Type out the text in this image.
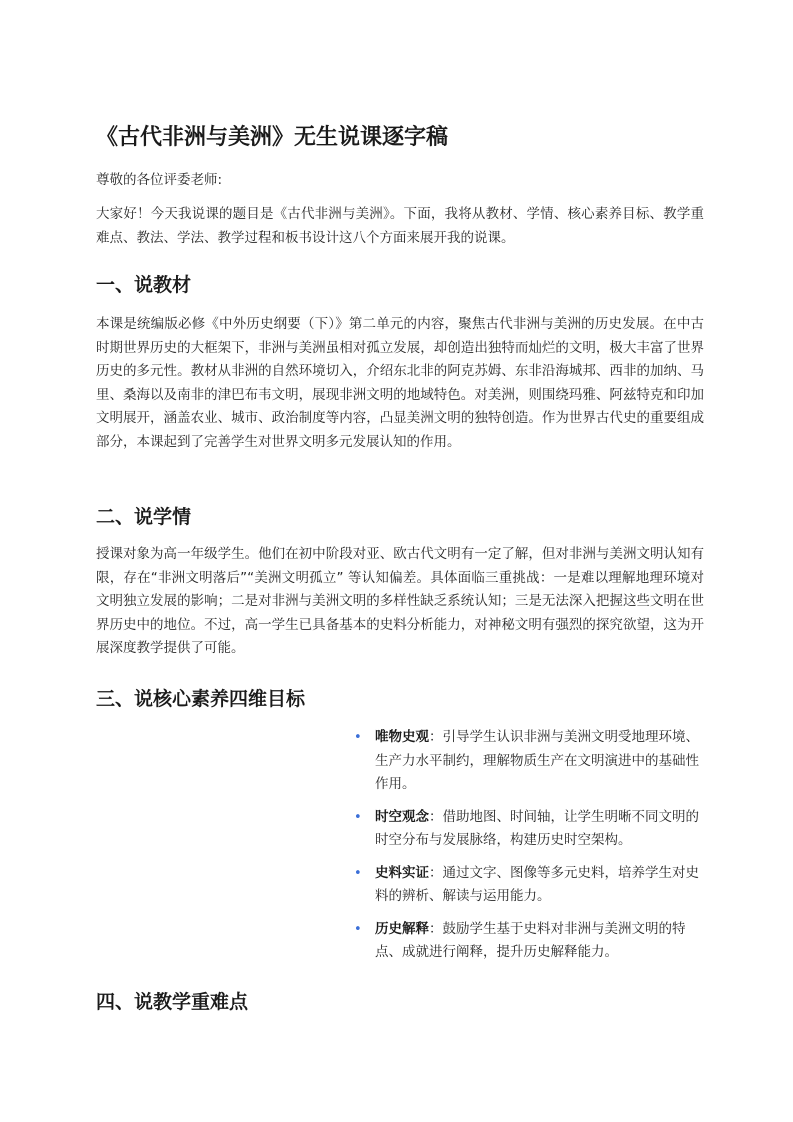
《古代非洲与美洲》无生说课逐字稿

尊敬的各位评委老师:

大家好！今天我说课的题目是《古代非洲与美洲》。下面，我将从教材、学情、核心素养目标、教学重难点、教法、学法、教学过程和板书设计这八个方面来展开我的说课。

一、说教材

本课是统编版必修《中外历史纲要（下）》第二单元的内容，聚焦古代非洲与美洲的历史发展。在中古时期世界历史的大框架下，非洲与美洲虽相对孤立发展，却创造出独特而灿烂的文明，极大丰富了世界历史的多元性。教材从非洲的自然环境切入，介绍东北非的阿克苏姆、东非沿海城邦、西非的加纳、马里、桑海以及南非的津巴布韦文明，展现非洲文明的地域特色。对美洲，则围绕玛雅、阿兹特克和印加文明展开，涵盖农业、城市、政治制度等内容，凸显美洲文明的独特创造。作为世界古代史的重要组成部分，本课起到了完善学生对世界文明多元发展认知的作用。

二、说学情

授课对象为高一年级学生。他们在初中阶段对亚、欧古代文明有一定了解，但对非洲与美洲文明认知有限，存在“非洲文明落后”“美洲文明孤立” 等认知偏差。具体面临三重挑战：一是难以理解地理环境对文明独立发展的影响；二是对非洲与美洲文明的多样性缺乏系统认知；三是无法深入把握这些文明在世界历史中的地位。不过，高一学生已具备基本的史料分析能力，对神秘文明有强烈的探究欲望，这为开展深度教学提供了可能。

三、说核心素养四维目标
• 唯物史观：引导学生认识非洲与美洲文明受地理环境、生产力水平制约，理解物质生产在文明演进中的基础性作用。
• 时空观念：借助地图、时间轴，让学生明晰不同文明的时空分布与发展脉络，构建历史时空架构。
• 史料实证：通过文字、图像等多元史料，培养学生对史料的辨析、解读与运用能力。
• 历史解释：鼓励学生基于史料对非洲与美洲文明的特点、成就进行阐释，提升历史解释能力。
四、说教学重难点
